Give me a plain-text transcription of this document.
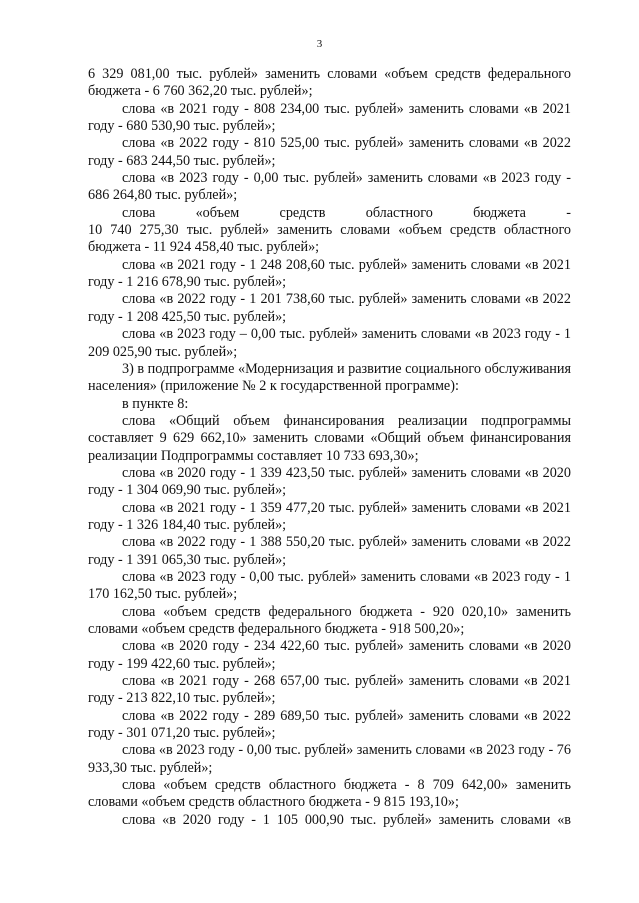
3

6 329 081,00 тыс. рублей» заменить словами «объем средств федерального бюджета - 6 760 362,20 тыс. рублей»;

слова «в 2021 году - 808 234,00 тыс. рублей» заменить словами «в 2021 году - 680 530,90 тыс. рублей»;

слова «в 2022 году - 810 525,00 тыс. рублей» заменить словами «в 2022 году - 683 244,50 тыс. рублей»;

слова «в 2023 году - 0,00 тыс. рублей» заменить словами «в 2023 году - 686 264,80 тыс. рублей»;

слова «объем средств областного бюджета -

10 740 275,30 тыс. рублей» заменить словами «объем средств областного бюджета - 11 924 458,40 тыс. рублей»;

слова «в 2021 году - 1 248 208,60 тыс. рублей» заменить словами «в 2021 году - 1 216 678,90 тыс. рублей»;

слова «в 2022 году - 1 201 738,60 тыс. рублей» заменить словами «в 2022 году - 1 208 425,50 тыс. рублей»;

слова «в 2023 году – 0,00 тыс. рублей» заменить словами «в 2023 году - 1 209 025,90 тыс. рублей»;

3) в подпрограмме «Модернизация и развитие социального обслуживания населения» (приложение № 2 к государственной программе):

в пункте 8:

слова «Общий объем финансирования реализации подпрограммы составляет 9 629 662,10» заменить словами «Общий объем финансирования реализации Подпрограммы составляет 10 733 693,30»;

слова «в 2020 году - 1 339 423,50 тыс. рублей» заменить словами «в 2020 году - 1 304 069,90 тыс. рублей»;

слова «в 2021 году - 1 359 477,20 тыс. рублей» заменить словами «в 2021 году - 1 326 184,40 тыс. рублей»;

слова «в 2022 году - 1 388 550,20 тыс. рублей» заменить словами «в 2022 году - 1 391 065,30 тыс. рублей»;

слова «в 2023 году - 0,00 тыс. рублей» заменить словами «в 2023 году - 1 170 162,50 тыс. рублей»;

слова «объем средств федерального бюджета - 920 020,10» заменить словами «объем средств федерального бюджета - 918 500,20»;

слова «в 2020 году - 234 422,60 тыс. рублей» заменить словами «в 2020 году - 199 422,60 тыс. рублей»;

слова «в 2021 году - 268 657,00 тыс. рублей» заменить словами «в 2021 году - 213 822,10 тыс. рублей»;

слова «в 2022 году - 289 689,50 тыс. рублей» заменить словами «в 2022 году - 301 071,20 тыс. рублей»;

слова «в 2023 году - 0,00 тыс. рублей» заменить словами «в 2023 году - 76 933,30 тыс. рублей»;

слова «объем средств областного бюджета - 8 709 642,00» заменить словами «объем средств областного бюджета - 9 815 193,10»;

слова «в 2020 году - 1 105 000,90 тыс. рублей» заменить словами «в
